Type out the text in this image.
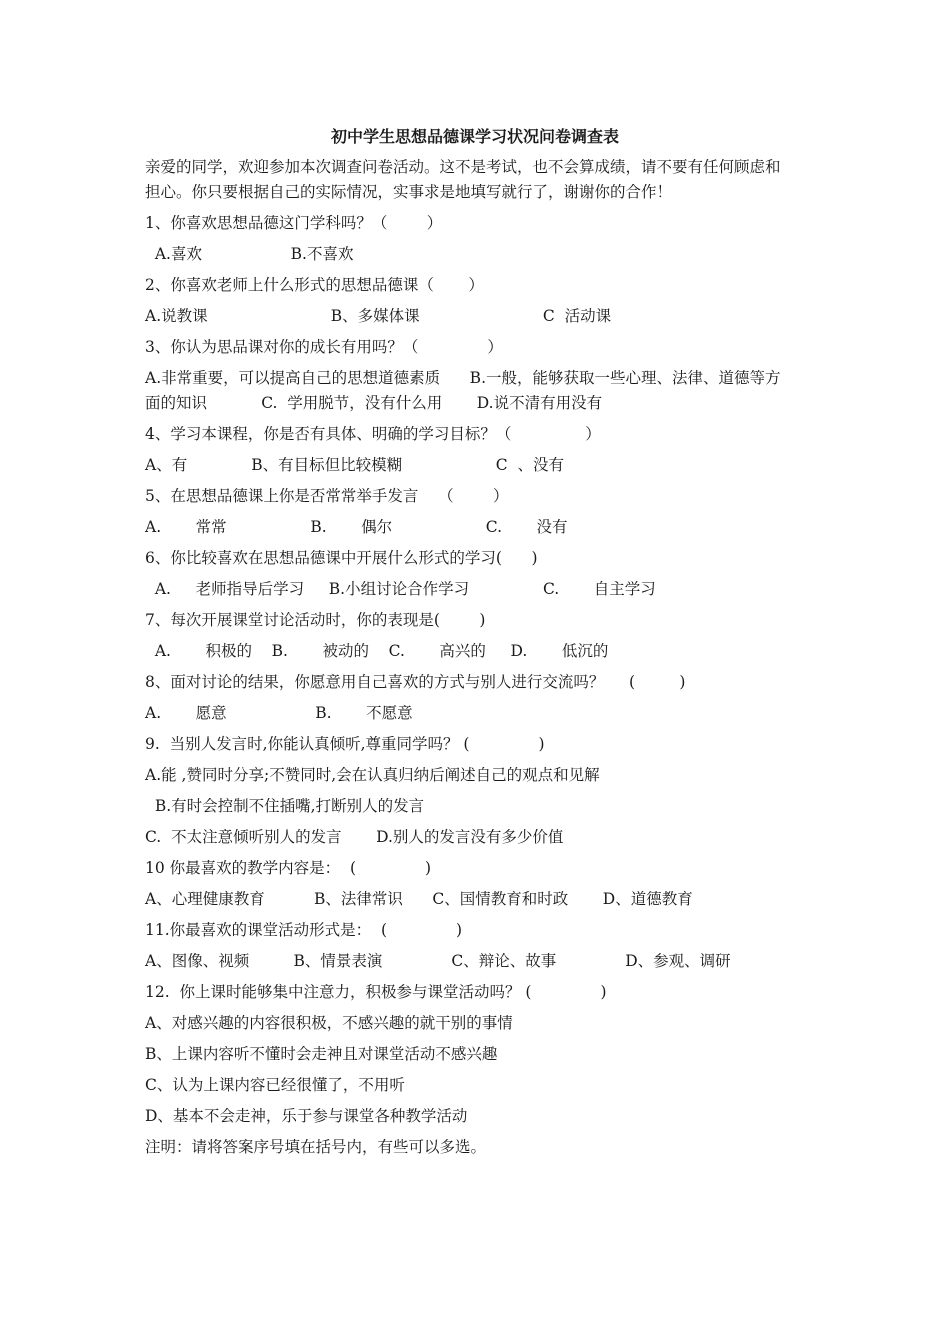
初中学生思想品德课学习状况问卷调查表
亲爱的同学，欢迎参加本次调查问卷活动。这不是考试，也不会算成绩，请不要有任何顾虑和
担心。你只要根据自己的实际情况，实事求是地填写就行了，谢谢你的合作！
1、你喜欢思想品德这门学科吗？（        ）
A.喜欢                  B.不喜欢
2、你喜欢老师上什么形式的思想品德课（       ）
A.说教课                         B、多媒体课                         C  活动课
3、你认为思品课对你的成长有用吗？（              ）
A.非常重要，可以提高自己的思想道德素质      B.一般，能够获取一些心理、法律、道德等方
面的知识           C.  学用脱节，没有什么用       D.说不清有用没有
4、学习本课程，你是否有具体、明确的学习目标？（               ）
A、有             B、有目标但比较模糊                   C  、没有
5、在思想品德课上你是否常常举手发言    （        ）
A.       常常                 B.       偶尔                   C.       没有
6、你比较喜欢在思想品德课中开展什么形式的学习(      )
A.     老师指导后学习     B.小组讨论合作学习               C.       自主学习
7、每次开展课堂讨论活动时，你的表现是(        )
A.       积极的    B.       被动的    C.       高兴的     D.       低沉的
8、面对讨论的结果，你愿意用自己喜欢的方式与别人进行交流吗？     (         )
A.       愿意                  B.       不愿意
9.  当别人发言时,你能认真倾听,尊重同学吗？ (              )
A.能 ,赞同时分享;不赞同时,会在认真归纳后阐述自己的观点和见解
B.有时会控制不住插嘴,打断别人的发言
C.  不太注意倾听别人的发言       D.别人的发言没有多少价值
10 你最喜欢的教学内容是：  (              )
A、心理健康教育          B、法律常识      C、国情教育和时政       D、道德教育
11.你最喜欢的课堂活动形式是：  (              )
A、图像、视频         B、情景表演              C、辩论、故事              D、参观、调研
12.  你上课时能够集中注意力，积极参与课堂活动吗？ (              )
A、对感兴趣的内容很积极，不感兴趣的就干别的事情
B、上课内容听不懂时会走神且对课堂活动不感兴趣
C、认为上课内容已经很懂了，不用听
D、基本不会走神，乐于参与课堂各种教学活动
注明：请将答案序号填在括号内，有些可以多选。
